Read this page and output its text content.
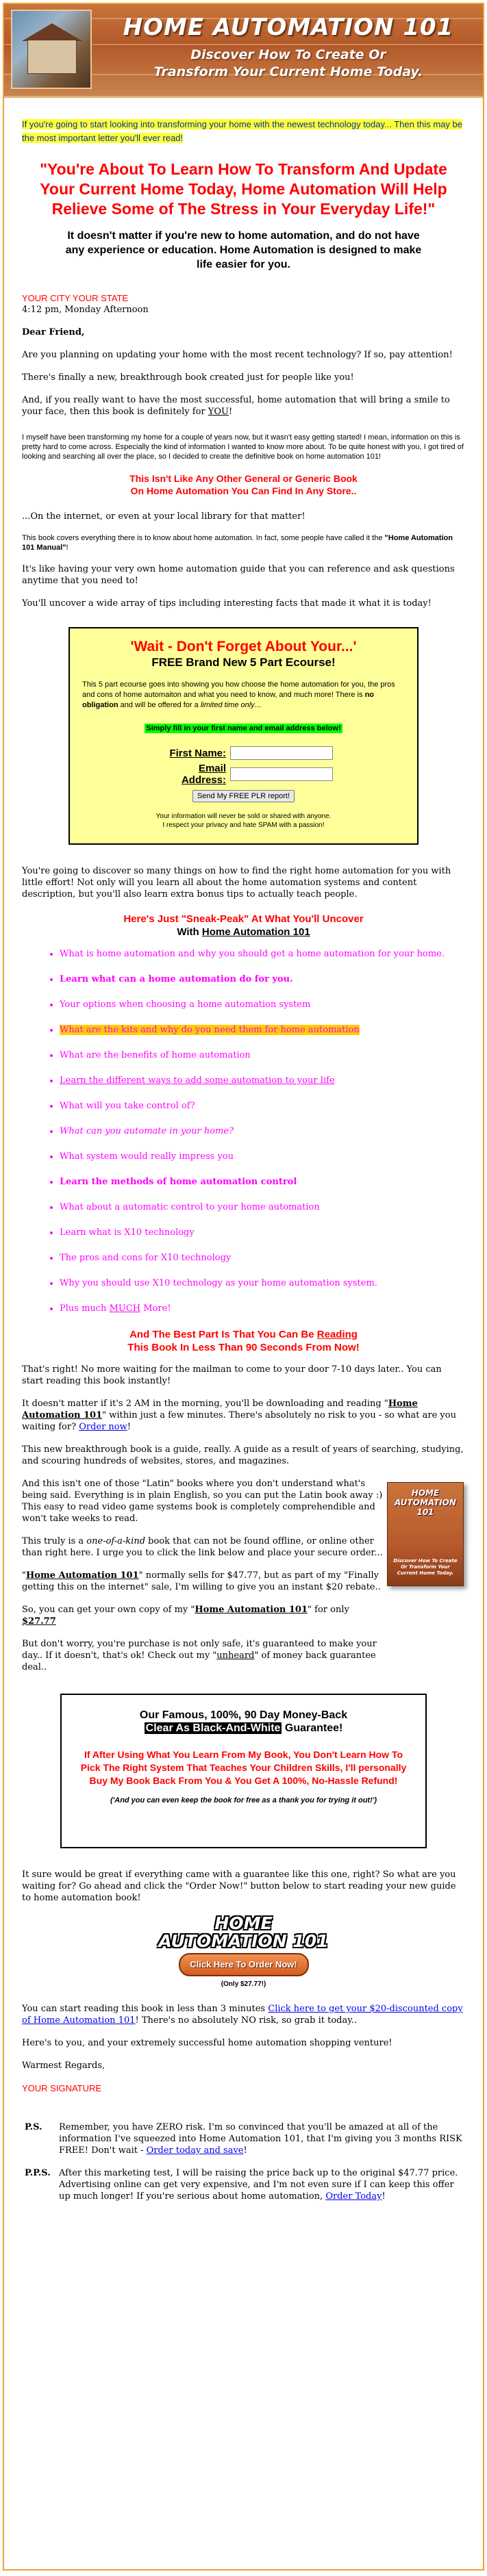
HOME AUTOMATION 101
Discover How To Create Or
Transform Your Current Home Today.
If you're going to start looking into transforming your home with the newest technology today... Then this may be the most important letter you'll ever read!
"You're About To Learn How To Transform And Update Your Current Home Today, Home Automation Will Help Relieve Some of The Stress in Your Everyday Life!"
It doesn't matter if you're new to home automation, and do not have any experience or education. Home Automation is designed to make life easier for you.
YOUR CITY YOUR STATE
4:12 pm, Monday Afternoon

Dear Friend,

Are you planning on updating your home with the most recent technology? If so, pay attention!

There's finally a new, breakthrough book created just for people like you!

And, if you really want to have the most successful, home automation that will bring a smile to your face, then this book is definitely for YOU!

I myself have been transforming my home for a couple of years now, but it wasn't easy getting started! I mean, information on this is pretty hard to come across. Especially the kind of information I wanted to know more about. To be quite honest with you, I got tired of looking and searching all over the place, so I decided to create the definitive book on home automation 101!

This Isn't Like Any Other General or Generic Book
On Home Automation You Can Find In Any Store..

...On the internet, or even at your local library for that matter!

This book covers everything there is to know about home automation. In fact, some people have called it the "Home Automation 101 Manual"!

It's like having your very own home automation guide that you can reference and ask questions anytime that you need to!

You'll uncover a wide array of tips including interesting facts that made it what it is today!

'Wait - Don't Forget About Your...'
FREE Brand New 5 Part Ecourse!
This 5 part ecourse goes into showing you how choose the home automation for you, the pros and cons of home automaiton and what you need to know, and much more! There is no obligation and will be offered for a limited time only...
Simply fill in your first name and email address below!
First Name:
Email Address:
Send My FREE PLR report!
Your information will never be sold or shared with anyone.
I respect your privacy and hate SPAM with a passion!

You're going to discover so many things on how to find the right home automation for you with little effort! Not only will you learn all about the home automation systems and content description, but you'll also learn extra bonus tips to actually teach people.

Here's Just "Sneak-Peak" At What You'll Uncover
With Home Automation 101
• What is home automation and why you should get a home automation for your home.
• Learn what can a home automation do for you.
• Your options when choosing a home automation system
• What are the kits and why do you need them for home automation
• What are the benefits of home automation
• Learn the different ways to add some automation to your life
• What will you take control of?
• What can you automate in your home?
• What system would really impress you
• Learn the methods of home automation control
• What about a automatic control to your home automation
• Learn what is X10 technology
• The pros and cons for X10 technology
• Why you should use X10 technology as your home automation system.
• Plus much MUCH More!
And The Best Part Is That You Can Be Reading
This Book In Less Than 90 Seconds From Now!

That's right! No more waiting for the mailman to come to your door 7-10 days later.. You can start reading this book instantly!

It doesn't matter if it's 2 AM in the morning, you'll be downloading and reading "Home Automation 101" within just a few minutes. There's absolutely no risk to you - so what are you waiting for? Order now!

This new breakthrough book is a guide, really. A guide as a result of years of searching, studying, and scouring hundreds of websites, stores, and magazines.

HOME AUTOMATION 101
Discover How To Create Or Transform Your Current Home Today.

And this isn't one of those "Latin" books where you don't understand what's being said. Everything is in plain English, so you can put the Latin book away :) This easy to read video game systems book is completely comprehendible and won't take weeks to read.

This truly is a one-of-a-kind book that can not be found offline, or online other than right here. I urge you to click the link below and place your secure order...

"Home Automation 101" normally sells for $47.77, but as part of my "Finally getting this on the internet" sale, I'm willing to give you an instant $20 rebate..

So, you can get your own copy of my "Home Automation 101" for only $27.77

But don't worry, you're purchase is not only safe, it's guaranteed to make your day.. If it doesn't, that's ok! Check out my "unheard" of money back guarantee deal..

Our Famous, 100%, 90 Day Money-Back
Clear As Black-And-White Guarantee!
If After Using What You Learn From My Book, You Don't Learn How To Pick The Right System That Teaches Your Children Skills, I'll personally Buy My Book Back From You & You Get A 100%, No-Hassle Refund!
('And you can even keep the book for free as a thank you for trying it out!')

It sure would be great if everything came with a guarantee like this one, right? So what are you waiting for? Go ahead and click the "Order Now!" button below to start reading your new guide to home automation book!

HOME
AUTOMATION 101
Click Here To Order Now!
(Only $27.77!)

You can start reading this book in less than 3 minutes Click here to get your $20-discounted copy of Home Automation 101! There's no absolutely NO risk, so grab it today..

Here's to you, and your extremely successful home automation shopping venture!

Warmest Regards,

YOUR SIGNATURE

P.S.	Remember, you have ZERO risk. I'm so convinced that you'll be amazed at all of the information I've squeezed into Home Automation 101, that I'm giving you 3 months RISK FREE! Don't wait - Order today and save!
P.P.S. After this marketing test, I will be raising the price back up to the original $47.77 price. Advertising online can get very expensive, and I'm not even sure if I can keep this offer up much longer! If you're serious about home automation, Order Today!
